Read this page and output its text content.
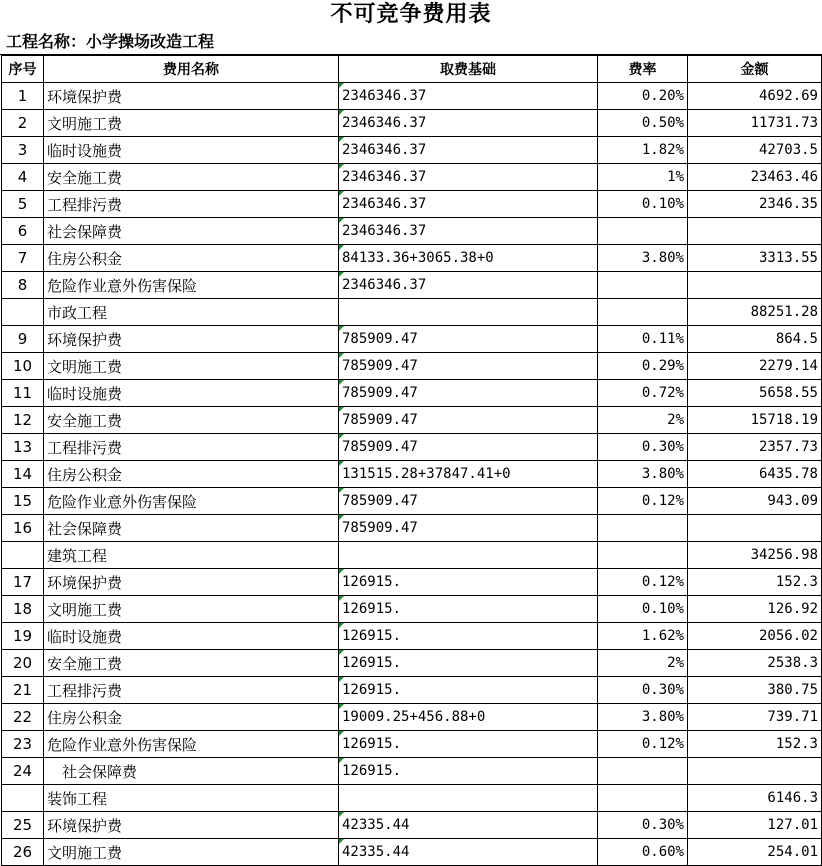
不可竞争费用表
工程名称：小学操场改造工程
序号	费用名称	取费基础	费率	金额
1	环境保护费	2346346.37	0.20%	4692.69
2	文明施工费	2346346.37	0.50%	11731.73
3	临时设施费	2346346.37	1.82%	42703.5
4	安全施工费	2346346.37	1%	23463.46
5	工程排污费	2346346.37	0.10%	2346.35
6	社会保障费	2346346.37		
7	住房公积金	84133.36+3065.38+0	3.80%	3313.55
8	危险作业意外伤害保险	2346346.37		
	市政工程			88251.28
9	环境保护费	785909.47	0.11%	864.5
10	文明施工费	785909.47	0.29%	2279.14
11	临时设施费	785909.47	0.72%	5658.55
12	安全施工费	785909.47	2%	15718.19
13	工程排污费	785909.47	0.30%	2357.73
14	住房公积金	131515.28+37847.41+0	3.80%	6435.78
15	危险作业意外伤害保险	785909.47	0.12%	943.09
16	社会保障费	785909.47		
	建筑工程			34256.98
17	环境保护费	126915.	0.12%	152.3
18	文明施工费	126915.	0.10%	126.92
19	临时设施费	126915.	1.62%	2056.02
20	安全施工费	126915.	2%	2538.3
21	工程排污费	126915.	0.30%	380.75
22	住房公积金	19009.25+456.88+0	3.80%	739.71
23	危险作业意外伤害保险	126915.	0.12%	152.3
24	社会保障费	126915.		
	装饰工程			6146.3
25	环境保护费	42335.44	0.30%	127.01
26	文明施工费	42335.44	0.60%	254.01
